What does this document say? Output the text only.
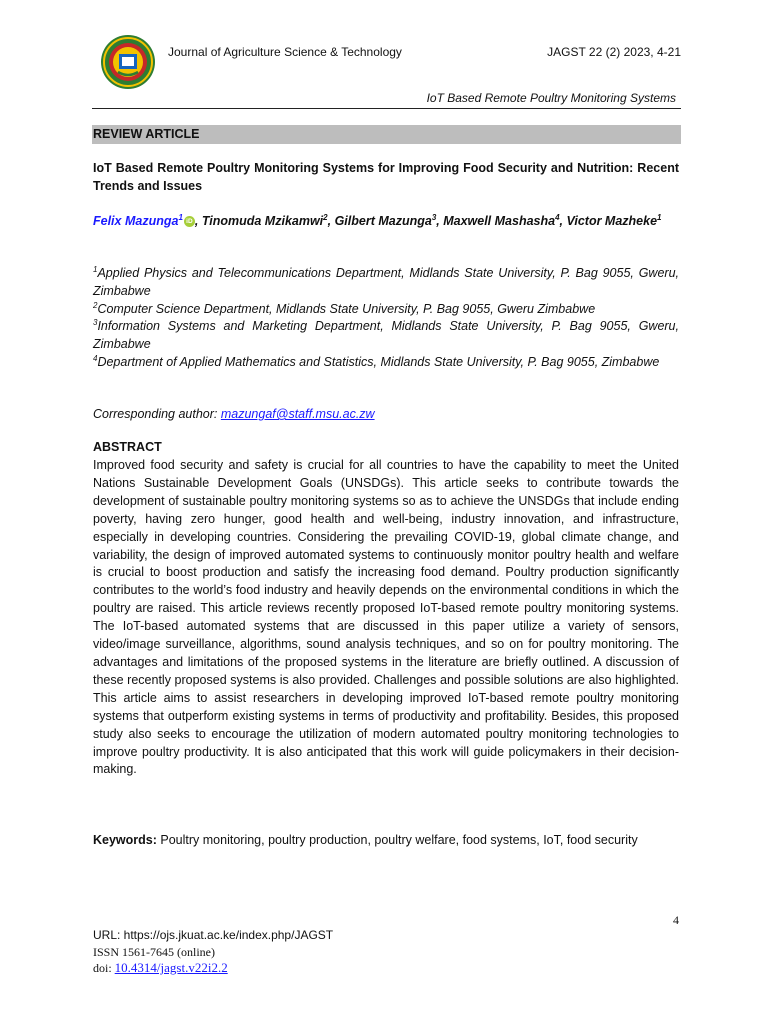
Journal of Agriculture Science & Technology	JAGST 22 (2) 2023, 4-21
IoT Based Remote Poultry Monitoring Systems
REVIEW ARTICLE
IoT Based Remote Poultry Monitoring Systems for Improving Food Security and Nutrition: Recent Trends and Issues
Felix Mazunga$^1$ iD , Tinomuda Mzikamwi$^2$, Gilbert Mazunga$^3$, Maxwell Mashasha$^4$, Victor Mazheke$^1$
$^1$Applied Physics and Telecommunications Department, Midlands State University, P. Bag 9055, Gweru, Zimbabwe
$^2$Computer Science Department, Midlands State University, P. Bag 9055, Gweru Zimbabwe
$^3$Information Systems and Marketing Department, Midlands State University, P. Bag 9055, Gweru, Zimbabwe
$^4$Department of Applied Mathematics and Statistics, Midlands State University, P. Bag 9055, Zimbabwe
Corresponding author: mazungaf@staff.msu.ac.zw
ABSTRACT
Improved food security and safety is crucial for all countries to have the capability to meet the United Nations Sustainable Development Goals (UNSDGs). This article seeks to contribute towards the development of sustainable poultry monitoring systems so as to achieve the UNSDGs that include ending poverty, having zero hunger, good health and well-being, industry innovation, and infrastructure, especially in developing countries. Considering the prevailing COVID-19, global climate change, and variability, the design of improved automated systems to continuously monitor poultry health and welfare is crucial to boost production and satisfy the increasing food demand. Poultry production significantly contributes to the world’s food industry and heavily depends on the environmental conditions in which the poultry are raised. This article reviews recently proposed IoT-based remote poultry monitoring systems. The IoT-based automated systems that are discussed in this paper utilize a variety of sensors, video/image surveillance, algorithms, sound analysis techniques, and so on for poultry monitoring. The advantages and limitations of the proposed systems in the literature are briefly outlined. A discussion of these recently proposed systems is also provided. Challenges and possible solutions are also highlighted. This article aims to assist researchers in developing improved IoT-based remote poultry monitoring systems that outperform existing systems in terms of productivity and profitability. Besides, this proposed study also seeks to encourage the utilization of modern automated poultry monitoring technologies to improve poultry productivity. It is also anticipated that this work will guide policymakers in their decision-making.
Keywords: Poultry monitoring, poultry production, poultry welfare, food systems, IoT, food security
4
URL: https://ojs.jkuat.ac.ke/index.php/JAGST
ISSN 1561-7645 (online)
doi: 10.4314/jagst.v22i2.2
